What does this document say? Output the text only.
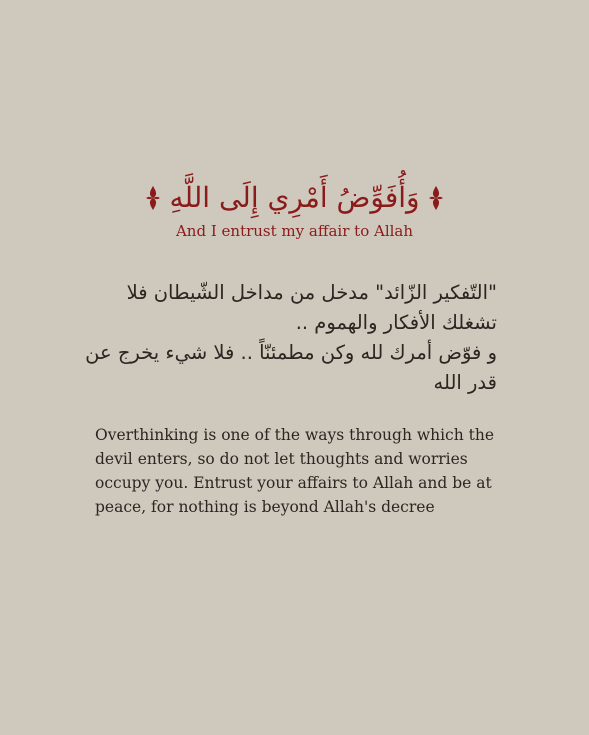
وَأُفَوِّضُ أَمْرِي إِلَى اللَّهِ
And I entrust my affair to Allah
"التّفكير الزّائد" مدخل من مداخل الشّيطان فلا
تشغلك الأفكار والهموم ..
و فوّض أمرك لله وكن مطمئنّاً .. فلا شيء يخرج عن
قدر الله
Overthinking is one of the ways through which the
devil enters, so do not let thoughts and worries
occupy you. Entrust your affairs to Allah and be at
peace, for nothing is beyond Allah's decree
